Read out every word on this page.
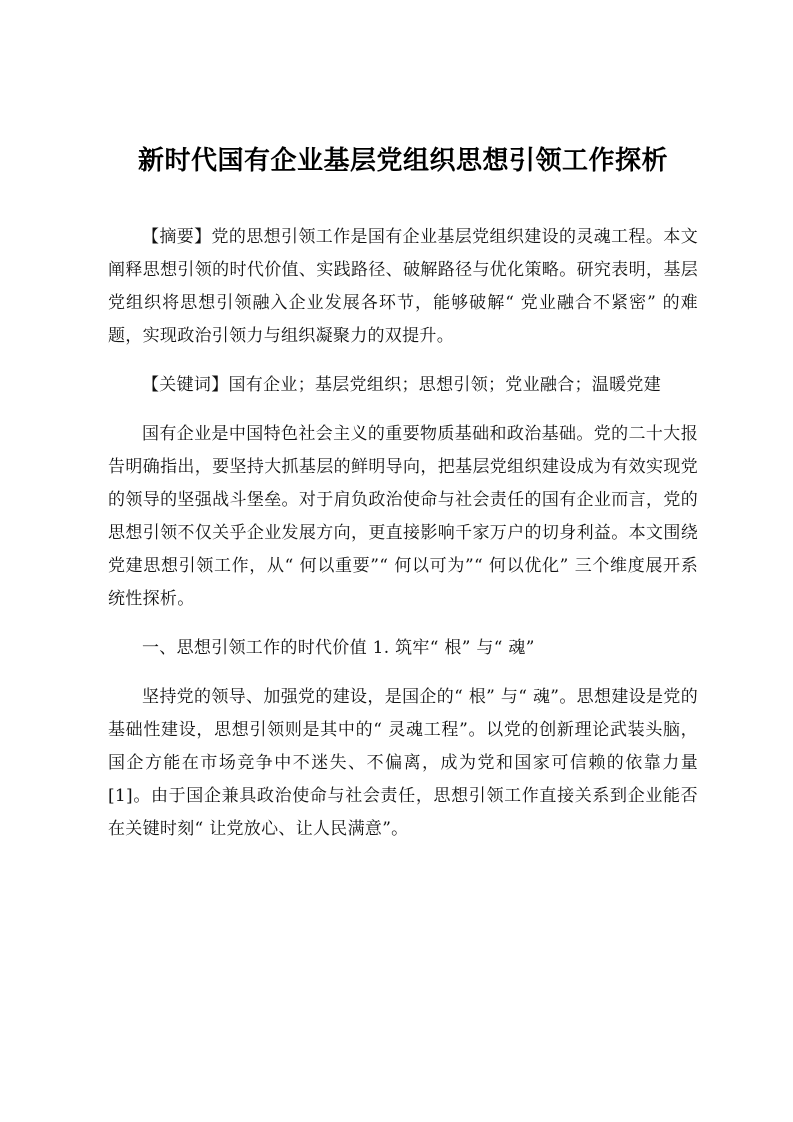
新时代国有企业基层党组织思想引领工作探析

【摘要】党的思想引领工作是国有企业基层党组织建设的灵魂工程。本文阐释思想引领的时代价值、实践路径、破解路径与优化策略。研究表明，基层党组织将思想引领融入企业发展各环节，能够破解“ 党业融合不紧密” 的难题，实现政治引领力与组织凝聚力的双提升。

【关键词】国有企业；基层党组织；思想引领；党业融合；温暖党建

国有企业是中国特色社会主义的重要物质基础和政治基础。党的二十大报告明确指出，要坚持大抓基层的鲜明导向，把基层党组织建设成为有效实现党的领导的坚强战斗堡垒。对于肩负政治使命与社会责任的国有企业而言，党的思想引领不仅关乎企业发展方向，更直接影响千家万户的切身利益。本文围绕党建思想引领工作，从“ 何以重要”“ 何以可为”“ 何以优化” 三个维度展开系统性探析。

一、思想引领工作的时代价值 1. 筑牢“ 根” 与“ 魂”

坚持党的领导、加强党的建设，是国企的“ 根” 与“ 魂”。思想建设是党的基础性建设，思想引领则是其中的“ 灵魂工程”。以党的创新理论武装头脑，国企方能在市场竞争中不迷失、不偏离，成为党和国家可信赖的依靠力量[1]。由于国企兼具政治使命与社会责任，思想引领工作直接关系到企业能否在关键时刻“ 让党放心、让人民满意”。
